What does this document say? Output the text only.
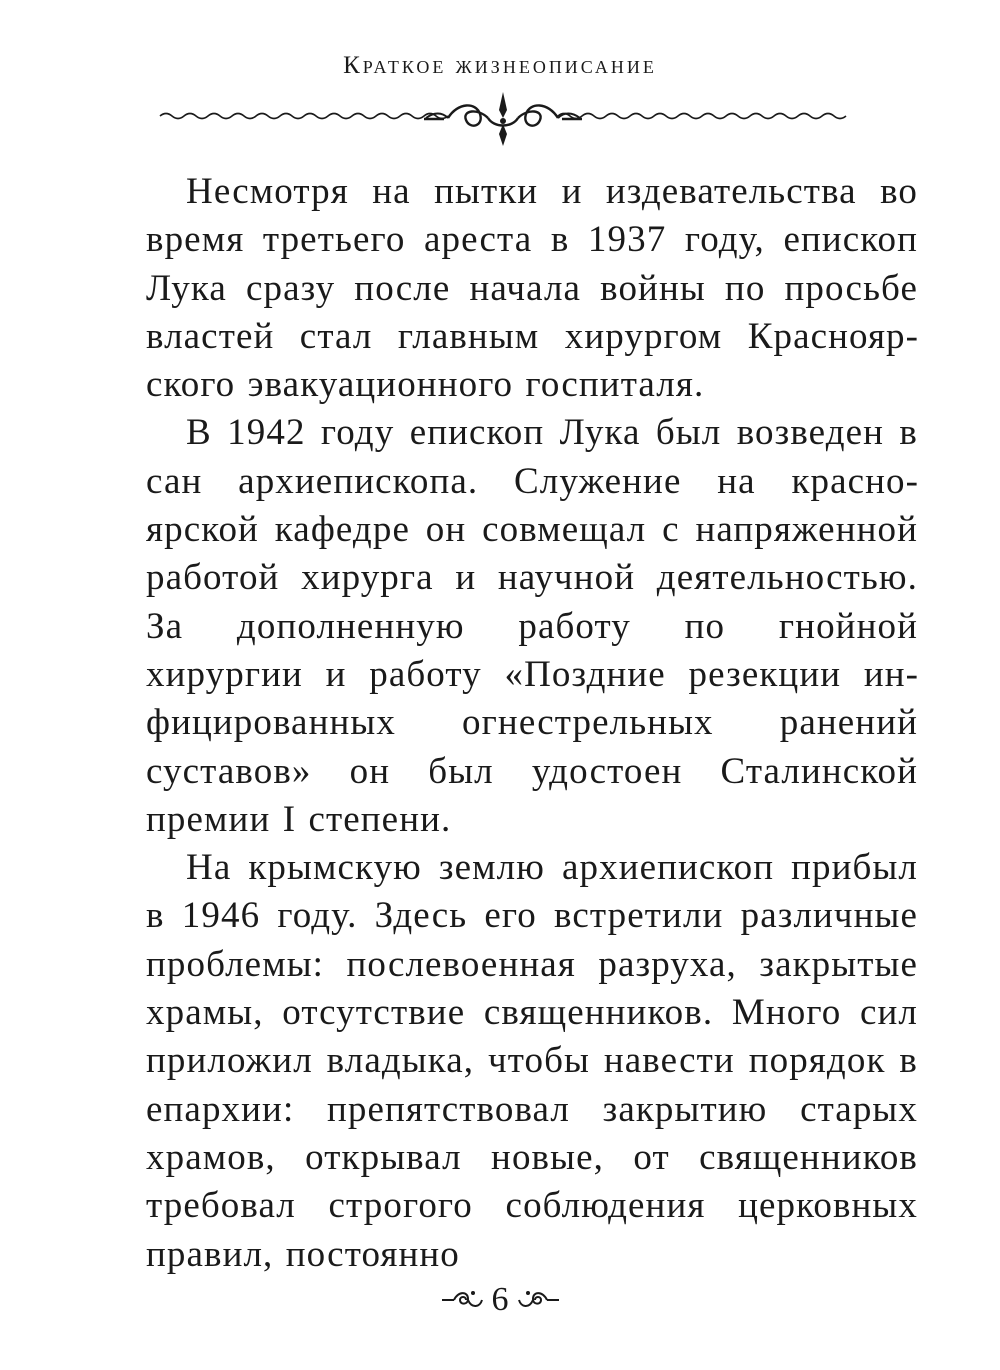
Краткое жизнеописание

Несмотря на пытки и издевательства во время третьего ареста в 1937 году, епископ Лука сразу после начала войны по просьбе властей стал главным хирургом Красноярского эвакуационного госпиталя.

В 1942 году епископ Лука был возведен в сан архиепископа. Служение на красноярской кафедре он совмещал с напряженной работой хирурга и научной деятельностью. За дополненную работу по гнойной хирургии и работу «Поздние резекции инфицированных огнестрельных ранений суставов» он был удостоен Сталинской премии I степени.

На крымскую землю архиепископ прибыл в 1946 году. Здесь его встретили различные проблемы: послевоенная разруха, закрытые храмы, отсутствие священников. Много сил приложил владыка, чтобы навести порядок в епархии: препятствовал закрытию старых храмов, открывал новые, от священников требовал строгого соблюдения церковных правил, постоянно

6
